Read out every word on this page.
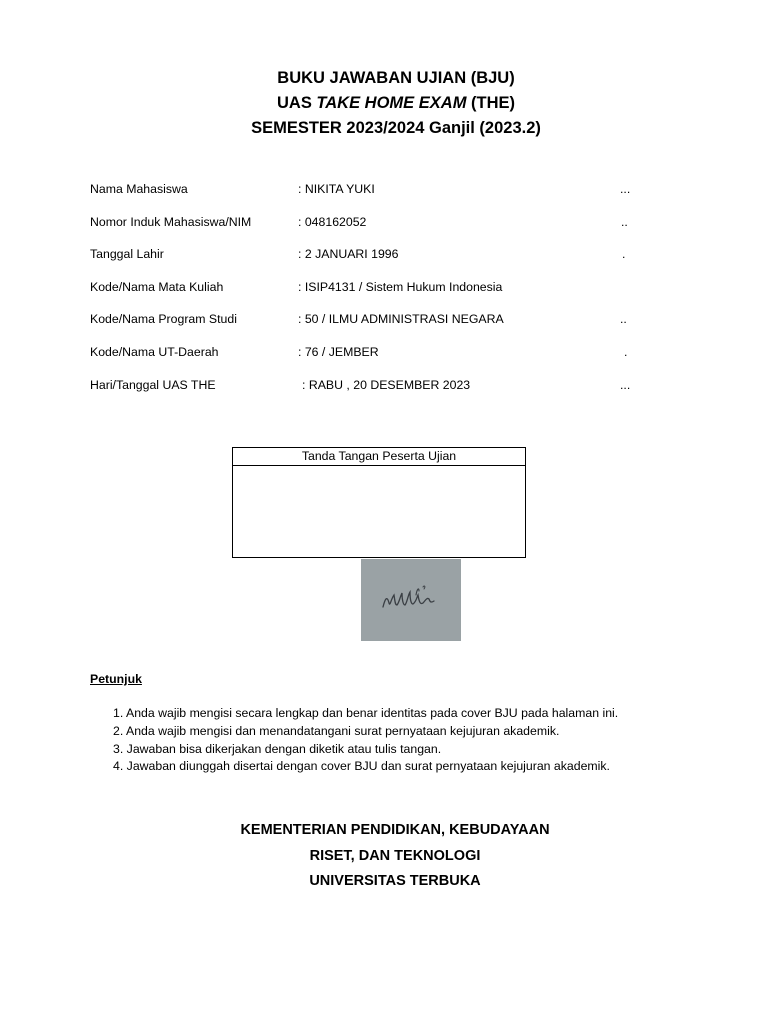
BUKU JAWABAN UJIAN (BJU)
UAS TAKE HOME EXAM (THE)
SEMESTER 2023/2024 Ganjil (2023.2)
Nama Mahasiswa	: NIKITA YUKI	...
Nomor Induk Mahasiswa/NIM	: 048162052	..
Tanggal Lahir	: 2 JANUARI 1996	.
Kode/Nama Mata Kuliah	: ISIP4131 / Sistem Hukum Indonesia
Kode/Nama Program Studi	: 50 / ILMU ADMINISTRASI NEGARA	..
Kode/Nama UT-Daerah	: 76 / JEMBER	.
Hari/Tanggal UAS THE	: RABU , 20 DESEMBER 2023	...
Tanda Tangan Peserta Ujian
Petunjuk
1. Anda wajib mengisi secara lengkap dan benar identitas pada cover BJU pada halaman ini.
2. Anda wajib mengisi dan menandatangani surat pernyataan kejujuran akademik.
3. Jawaban bisa dikerjakan dengan diketik atau tulis tangan.
4. Jawaban diunggah disertai dengan cover BJU dan surat pernyataan kejujuran akademik.
KEMENTERIAN PENDIDIKAN, KEBUDAYAAN
RISET, DAN TEKNOLOGI
UNIVERSITAS TERBUKA
